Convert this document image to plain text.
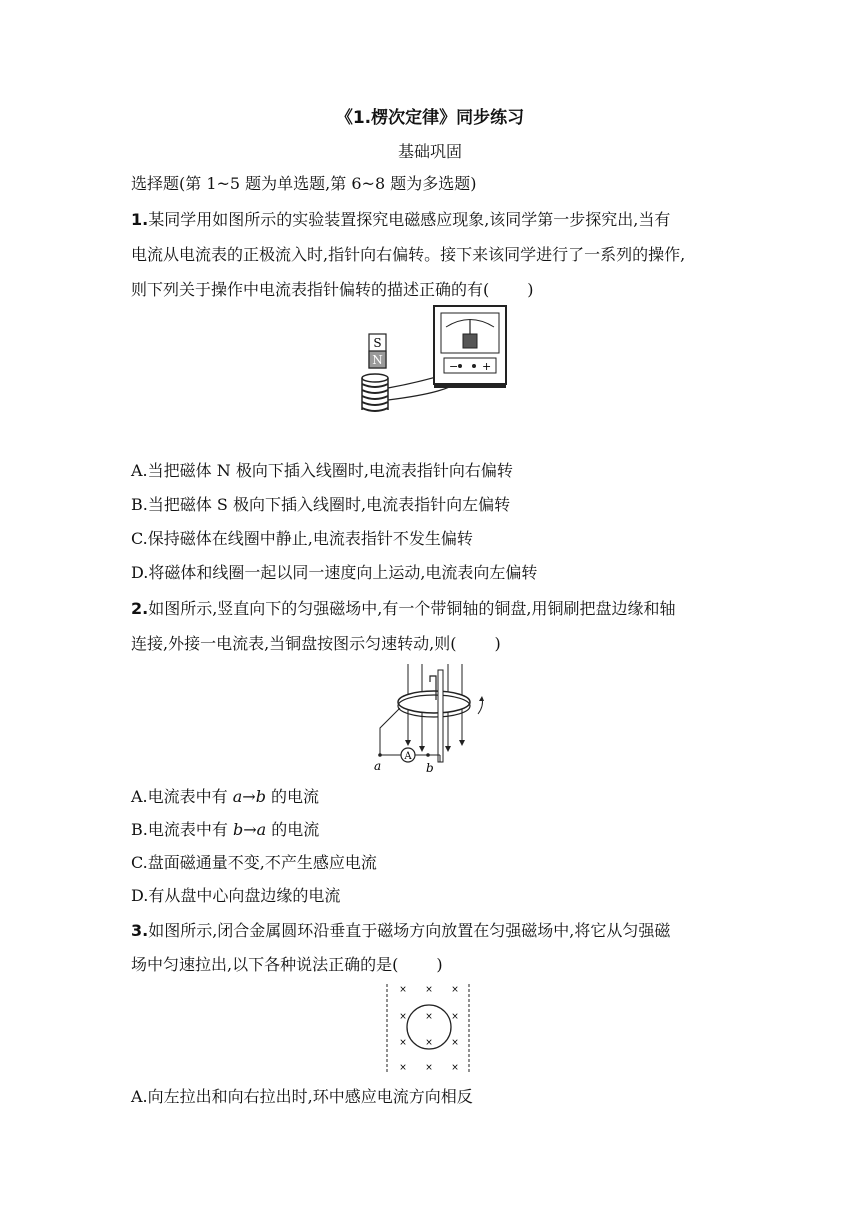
《1.楞次定律》同步练习
基础巩固
选择题(第 1~5 题为单选题,第 6~8 题为多选题)
1.某同学用如图所示的实验装置探究电磁感应现象,该同学第一步探究出,当有
电流从电流表的正极流入时,指针向右偏转。接下来该同学进行了一系列的操作,
则下列关于操作中电流表指针偏转的描述正确的有( )
S
N	− +
A.当把磁体 N 极向下插入线圈时,电流表指针向右偏转
B.当把磁体 S 极向下插入线圈时,电流表指针向左偏转
C.保持磁体在线圈中静止,电流表指针不发生偏转
D.将磁体和线圈一起以同一速度向上运动,电流表向左偏转
2.如图所示,竖直向下的匀强磁场中,有一个带铜轴的铜盘,用铜刷把盘边缘和轴
连接,外接一电流表,当铜盘按图示匀速转动,则( )
A
a	b
A.电流表中有 a→b 的电流
B.电流表中有 b→a 的电流
C.盘面磁通量不变,不产生感应电流
D.有从盘中心向盘边缘的电流
3.如图所示,闭合金属圆环沿垂直于磁场方向放置在匀强磁场中,将它从匀强磁
场中匀速拉出,以下各种说法正确的是( )
× × ×
× × ×
× × ×
× × ×
A.向左拉出和向右拉出时,环中感应电流方向相反
